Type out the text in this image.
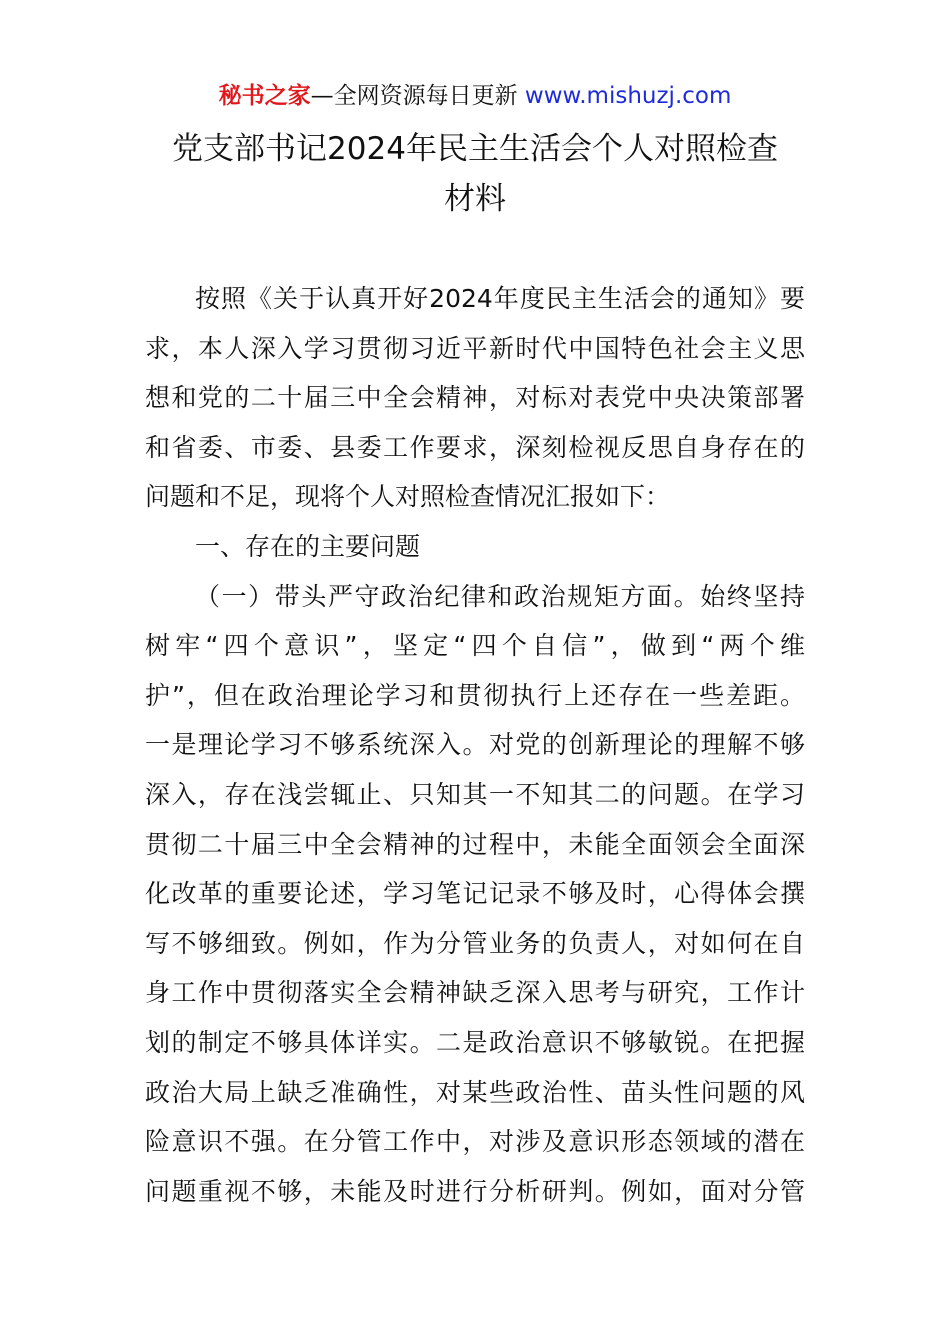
秘书之家—全网资源每日更新 www.mishuzj.com
党支部书记2024年民主生活会个人对照检查
材料
按照《关于认真开好2024年度民主生活会的通知》要
求，本人深入学习贯彻习近平新时代中国特色社会主义思
想和党的二十届三中全会精神，对标对表党中央决策部署
和省委、市委、县委工作要求，深刻检视反思自身存在的
问题和不足，现将个人对照检查情况汇报如下：
一、存在的主要问题
（一）带头严守政治纪律和政治规矩方面。始终坚持
树牢“四个意识”，坚定“四个自信”，做到“两个维
护”，但在政治理论学习和贯彻执行上还存在一些差距。
一是理论学习不够系统深入。对党的创新理论的理解不够
深入，存在浅尝辄止、只知其一不知其二的问题。在学习
贯彻二十届三中全会精神的过程中，未能全面领会全面深
化改革的重要论述，学习笔记记录不够及时，心得体会撰
写不够细致。例如，作为分管业务的负责人，对如何在自
身工作中贯彻落实全会精神缺乏深入思考与研究，工作计
划的制定不够具体详实。二是政治意识不够敏锐。在把握
政治大局上缺乏准确性，对某些政治性、苗头性问题的风
险意识不强。在分管工作中，对涉及意识形态领域的潜在
问题重视不够，未能及时进行分析研判。例如，面对分管
